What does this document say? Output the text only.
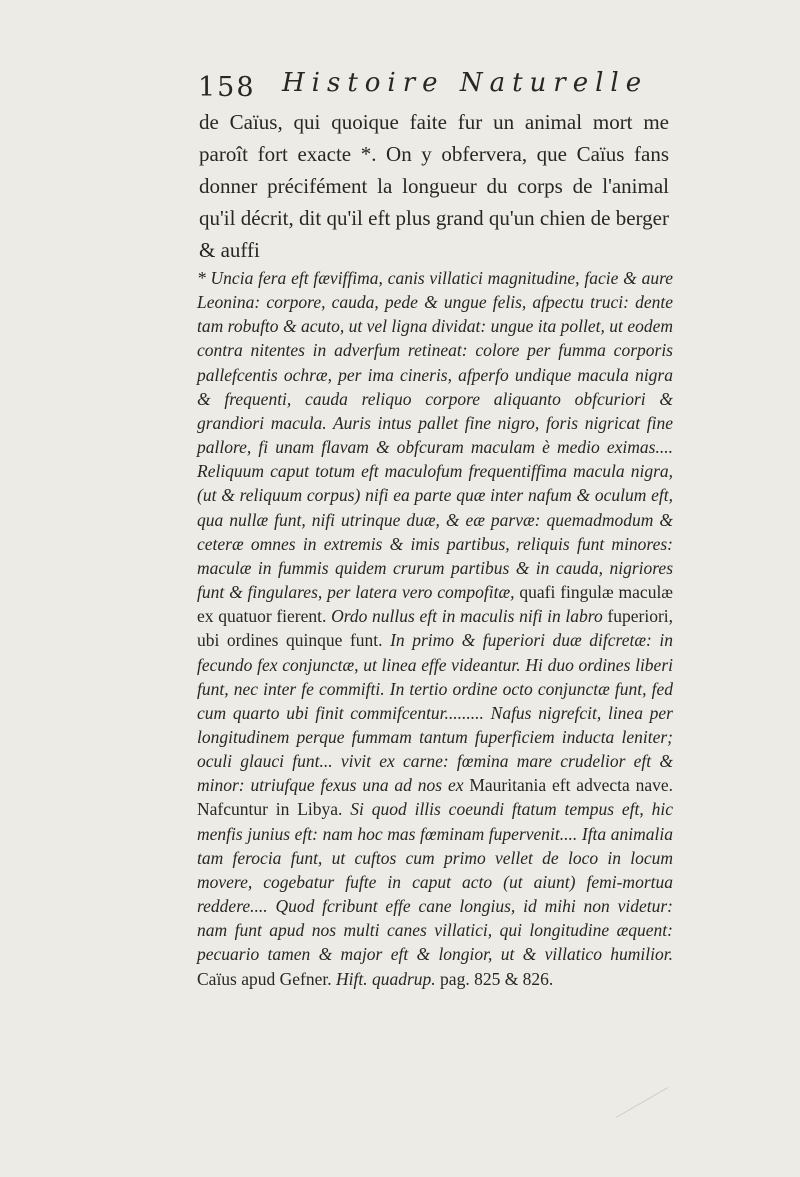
158 Histoire Naturelle

de Caïus, qui quoique faite fur un animal mort me paroît fort exacte *. On y obfervera, que Caïus fans donner précifément la longueur du corps de l'animal qu'il décrit, dit qu'il eft plus grand qu'un chien de berger & auffi

* Uncia fera eft fæviffima, canis villatici magnitudine, facie & aure Leonina: corpore, cauda, pede & ungue felis, afpectu truci: dente tam robufto & acuto, ut vel ligna dividat: ungue ita pollet, ut eodem contra nitentes in adverfum retineat: colore per fumma corporis pallefcentis ochræ, per ima cineris, afperfo undique macula nigra & frequenti, cauda reliquo corpore aliquanto obfcuriori & grandiori macula. Auris intus pallet fine nigro, foris nigricat fine pallore, fi unam flavam & obfcuram maculam è medio eximas.... Reliquum caput totum eft maculofum frequentiffima macula nigra, (ut & reliquum corpus) nifi ea parte quæ inter nafum & oculum eft, qua nullæ funt, nifi utrinque duæ, & eæ parvæ: quemadmodum & ceteræ omnes in extremis & imis partibus, reliquis funt minores: maculæ in fummis quidem crurum partibus & in cauda, nigriores funt & fingulares, per latera vero compofitæ, quafi fingulæ maculæ ex quatuor fierent. Ordo nullus eft in maculis nifi in labro fuperiori, ubi ordines quinque funt. In primo & fuperiori duæ difcretæ: in fecundo fex conjunctæ, ut linea effe videantur. Hi duo ordines liberi funt, nec inter fe commifti. In tertio ordine octo conjunctæ funt, fed cum quarto ubi finit commifcentur......... Nafus nigrefcit, linea per longitudinem perque fummam tantum fuperficiem inducta leniter; oculi glauci funt... vivit ex carne: fœmina mare crudelior eft & minor: utriufque fexus una ad nos ex Mauritania eft advecta nave. Nafcuntur in Libya. Si quod illis coeundi ftatum tempus eft, hic menfis junius eft: nam hoc mas fœminam fupervenit.... Ifta animalia tam ferocia funt, ut cuftos cum primo vellet de loco in locum movere, cogebatur fufte in caput acto (ut aiunt) femi-mortua reddere.... Quod fcribunt effe cane longius, id mihi non videtur: nam funt apud nos multi canes villatici, qui longitudine æquent: pecuario tamen & major eft & longior, ut & villatico humilior. Caïus apud Gefner. Hift. quadrup. pag. 825 & 826.
